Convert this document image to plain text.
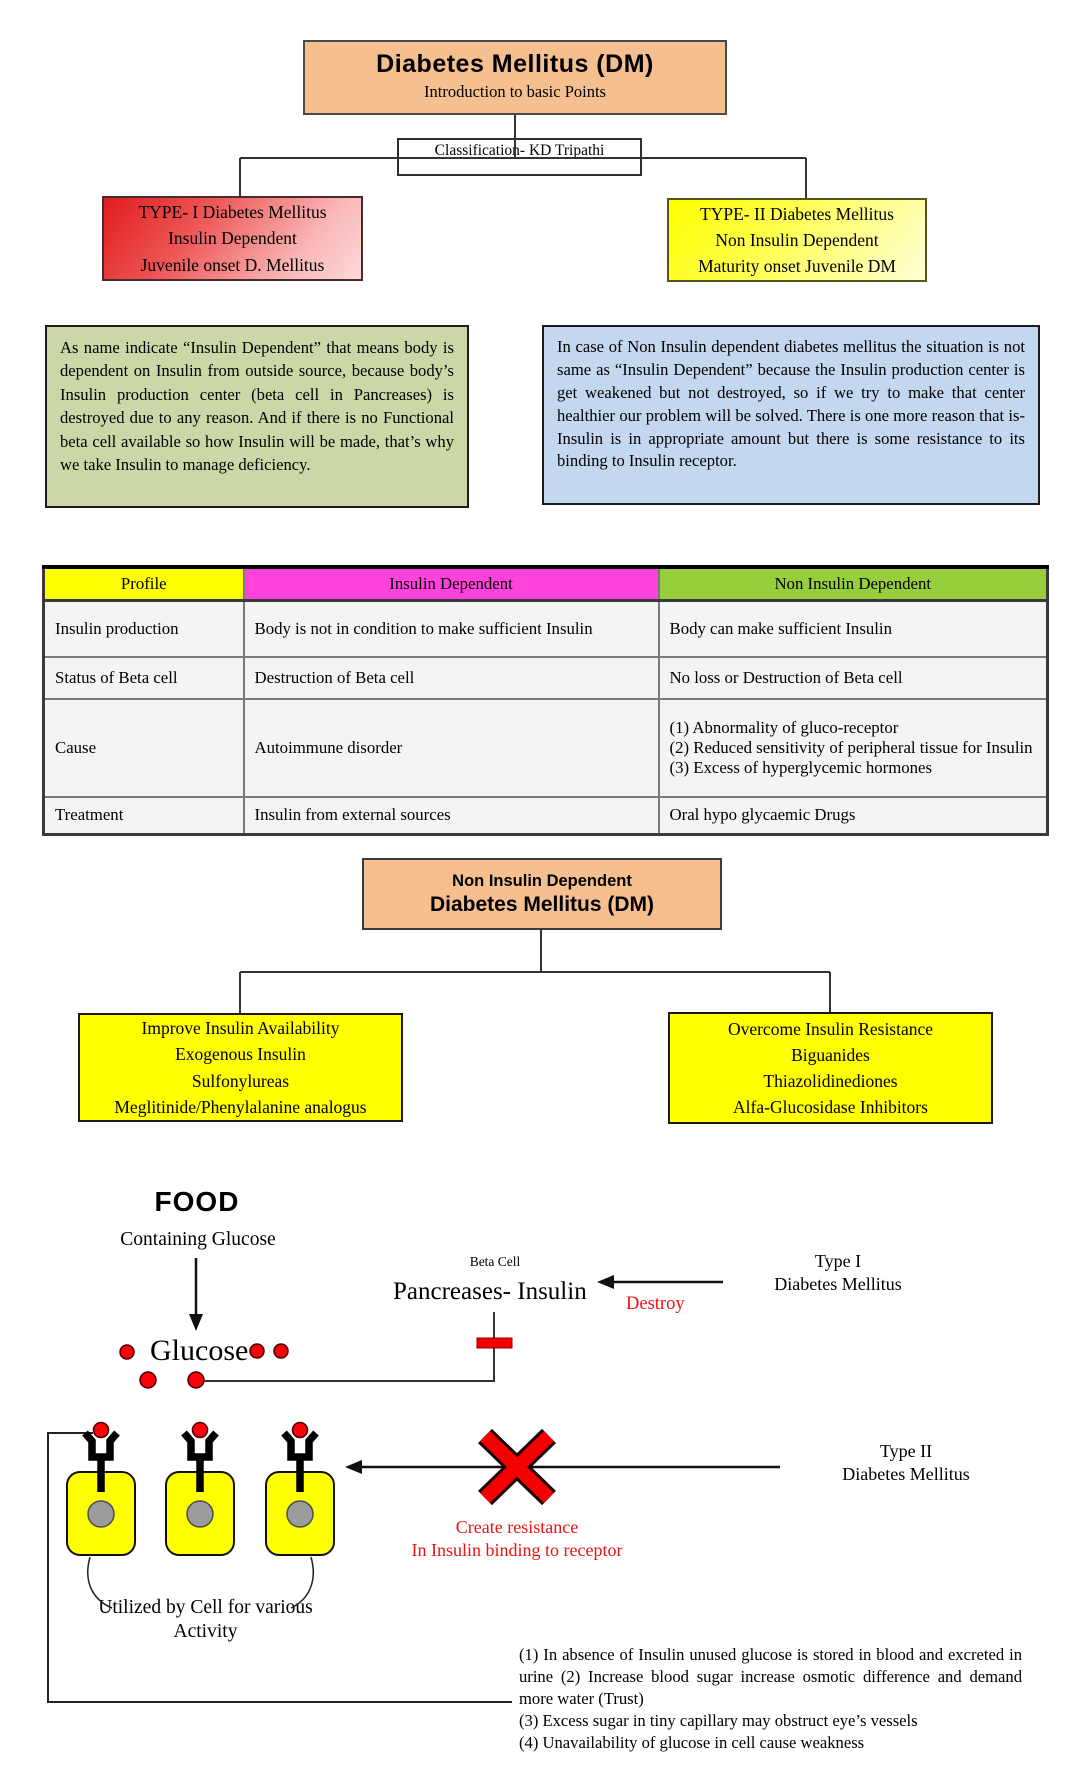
Diabetes Mellitus (DM)
Introduction to basic Points
Classification- KD Tripathi
TYPE- I Diabetes Mellitus
Insulin Dependent
Juvenile onset D. Mellitus
TYPE- II Diabetes Mellitus
Non Insulin Dependent
Maturity onset Juvenile DM
As name indicate “Insulin Dependent” that means body is dependent on Insulin from outside source, because body’s Insulin production center (beta cell in Pancreases) is destroyed due to any reason. And if there is no Functional beta cell available so how Insulin will be made, that’s why we take Insulin to manage deficiency.
In case of Non Insulin dependent diabetes mellitus the situation is not same as “Insulin Dependent” because the Insulin production center is get weakened but not destroyed, so if we try to make that center healthier our problem will be solved. There is one more reason that is- Insulin is in appropriate amount but there is some resistance to its binding to Insulin receptor.
Profile	Insulin Dependent	Non Insulin Dependent
Insulin production	Body is not in condition to make sufficient Insulin	Body can make sufficient Insulin
Status of Beta cell	Destruction of Beta cell	No loss or Destruction of Beta cell
Cause	Autoimmune disorder	(1) Abnormality of gluco-receptor
(2) Reduced sensitivity of peripheral tissue for Insulin
(3) Excess of hyperglycemic hormones

Treatment	Insulin from external sources	Oral hypo glycaemic Drugs
Non Insulin Dependent
Diabetes Mellitus (DM)
Improve Insulin Availability
Exogenous Insulin
Sulfonylureas
Meglitinide/Phenylalanine analogus
Overcome Insulin Resistance
Biguanides
Thiazolidinediones
Alfa-Glucosidase Inhibitors
FOOD
Containing Glucose
Glucose
Beta Cell
Pancreases- Insulin Destroy
Type I
Diabetes Mellitus
Type II
Diabetes Mellitus
Create resistance
In Insulin binding to receptor
Utilized by Cell for various
Activity
(1) In absence of Insulin unused glucose is stored in blood and excreted in urine (2) Increase blood sugar increase osmotic difference and demand more water (Trust)
(3) Excess sugar in tiny capillary may obstruct eye’s vessels
(4) Unavailability of glucose in cell cause weakness
